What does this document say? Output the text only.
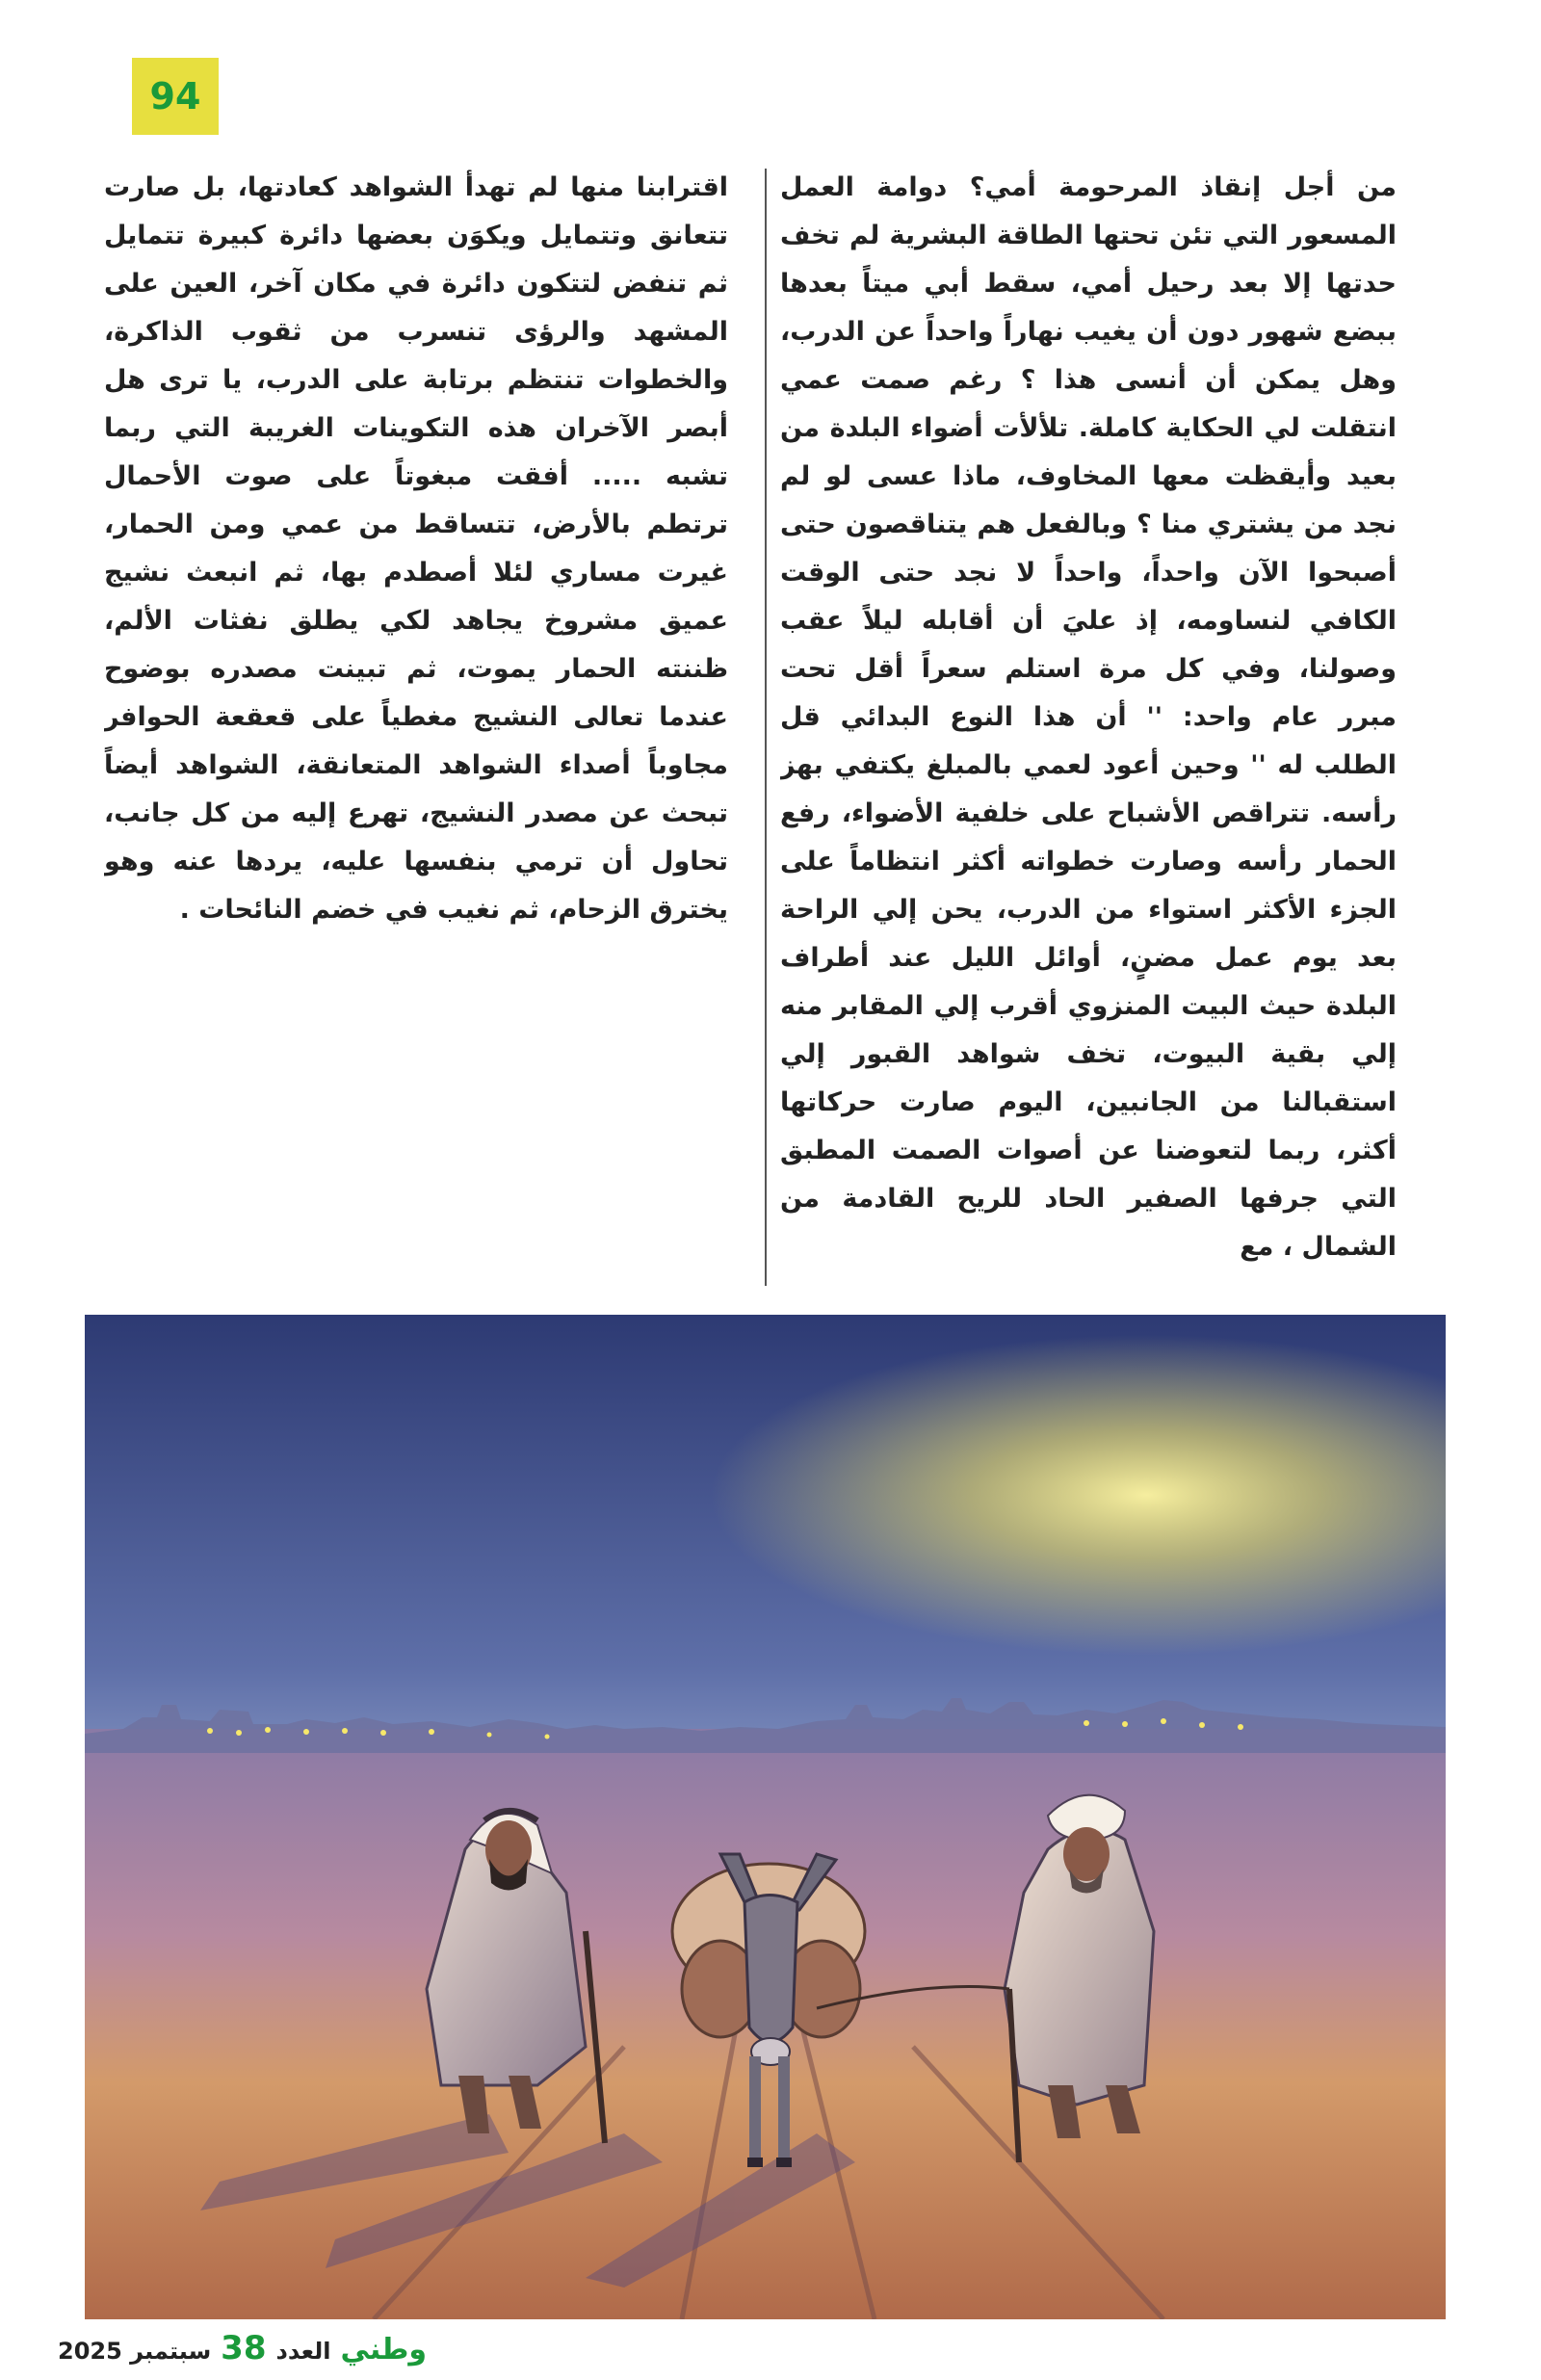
94

من أجل إنقاذ المرحومة أمي؟ دوامة العمل المسعور التي تئن تحتها الطاقة البشرية لم تخف حدتها إلا بعد رحيل أمي، سقط أبي ميتاً بعدها ببضع شهور دون أن يغيب نهاراً واحداً عن الدرب، وهل يمكن أن أنسى هذا ؟ رغم صمت عمي انتقلت لي الحكاية كاملة. تلألأت أضواء البلدة من بعيد وأيقظت معها المخاوف، ماذا عسى لو لم نجد من يشتري منا ؟ وبالفعل هم يتناقصون حتى أصبحوا الآن واحداً، واحداً لا نجد حتى الوقت الكافي لنساومه، إذ عليَ أن أقابله ليلاً عقب وصولنا، وفي كل مرة استلم سعراً أقل تحت مبرر عام واحد: '' أن هذا النوع البدائي قل الطلب له '' وحين أعود لعمي بالمبلغ يكتفي بهز رأسه. تتراقص الأشباح على خلفية الأضواء، رفع الحمار رأسه وصارت خطواته أكثر انتظاماً على الجزء الأكثر استواء من الدرب، يحن إلي الراحة بعد يوم عمل مضنٍ، أوائل الليل عند أطراف البلدة حيث البيت المنزوي أقرب إلي المقابر منه إلي بقية البيوت، تخف شواهد القبور إلي استقبالنا من الجانبين، اليوم صارت حركاتها أكثر، ربما لتعوضنا عن أصوات الصمت المطبق التي جرفها الصفير الحاد للريح القادمة من الشمال ، مع

اقترابنا منها لم تهدأ الشواهد كعادتها، بل صارت تتعانق وتتمايل ويكوَن بعضها دائرة كبيرة تتمايل ثم تنفض لتتكون دائرة في مكان آخر، العين على المشهد والرؤى تنسرب من ثقوب الذاكرة، والخطوات تنتظم برتابة على الدرب، يا ترى هل أبصر الآخران هذه التكوينات الغريبة التي ربما تشبه ..... أفقت مبغوتاً على صوت الأحمال ترتطم بالأرض، تتساقط من عمي ومن الحمار، غيرت مساري لئلا أصطدم بها، ثم انبعث نشيج عميق مشروخ يجاهد لكي يطلق نفثات الألم، ظننته الحمار يموت، ثم تبينت مصدره بوضوح عندما تعالى النشيج مغطياً على قعقعة الحوافر مجاوباً أصداء الشواهد المتعانقة، الشواهد أيضاً تبحث عن مصدر النشيج، تهرع إليه من كل جانب، تحاول أن ترمي بنفسها عليه، يردها عنه وهو يخترق الزحام، ثم نغيب في خضم النائحات .

سبتمبر 2025 38 العدد وطني
